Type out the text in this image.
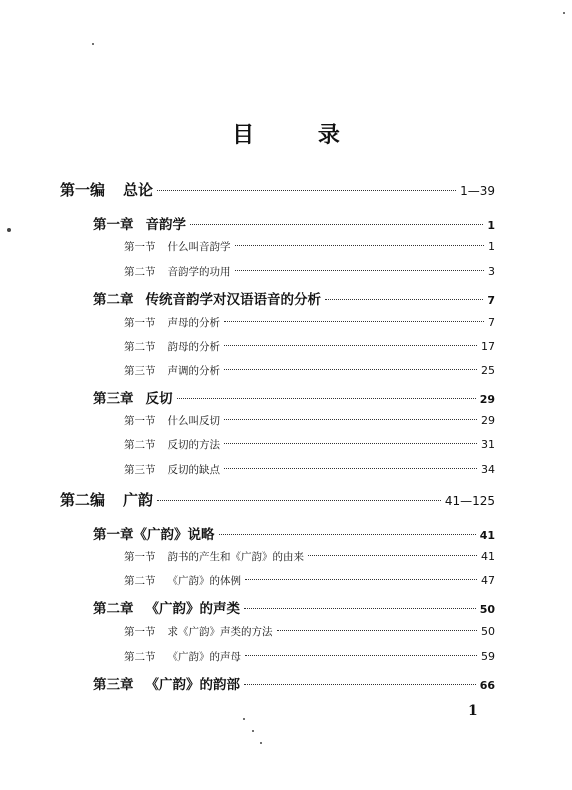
目 录
第一编 总论	1—39
第一章 音韵学	1
第一节 什么叫音韵学	1
第二节 音韵学的功用	3
第二章 传统音韵学对汉语语音的分析	7
第一节 声母的分析	7
第二节 韵母的分析	17
第三节 声调的分析	25
第三章 反切	29
第一节 什么叫反切	29
第二节 反切的方法	31
第三节 反切的缺点	34
第二编 广韵	41—125
第一章《广韵》说略	41
第一节 韵书的产生和《广韵》的由来	41
第二节 《广韵》的体例	47
第二章 《广韵》的声类	50
第一节 求《广韵》声类的方法	50
第二节 《广韵》的声母	59
第三章 《广韵》的韵部	66
1
